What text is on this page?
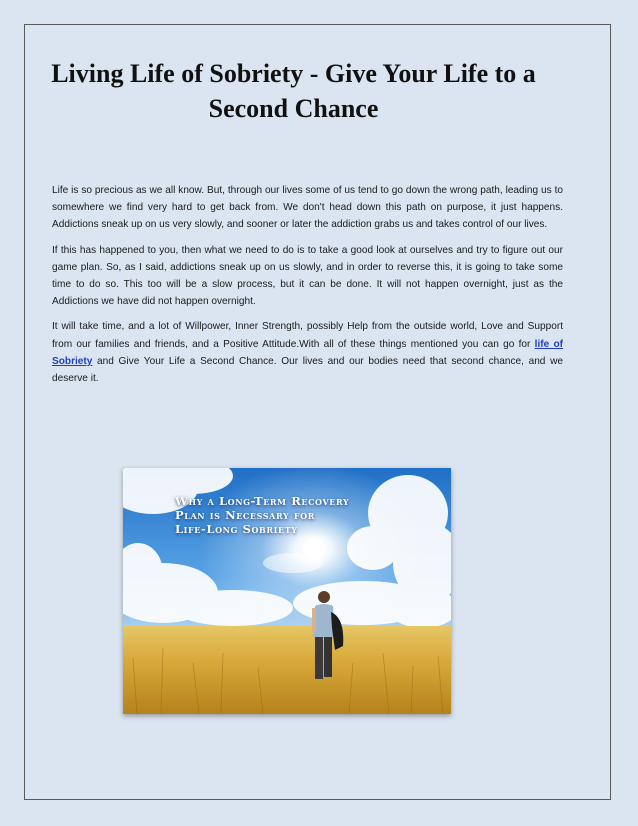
Living Life of Sobriety - Give Your Life to a Second Chance

Life is so precious as we all know. But, through our lives some of us tend to go down the wrong path, leading us to somewhere we find very hard to get back from. We don't head down this path on purpose, it just happens. Addictions sneak up on us very slowly, and sooner or later the addiction grabs us and takes control of our lives.

If this has happened to you, then what we need to do is to take a good look at ourselves and try to figure out our game plan. So, as I said, addictions sneak up on us slowly, and in order to reverse this, it is going to take some time to do so. This too will be a slow process, but it can be done. It will not happen overnight, just as the Addictions we have did not happen overnight.

It will take time, and a lot of Willpower, Inner Strength, possibly Help from the outside world, Love and Support from our families and friends, and a Positive Attitude.With all of these things mentioned you can go for life of Sobriety and Give Your Life a Second Chance. Our lives and our bodies need that second chance, and we deserve it.

Why a Long-Term Recovery
Plan is Necessary for
Life-Long Sobriety
